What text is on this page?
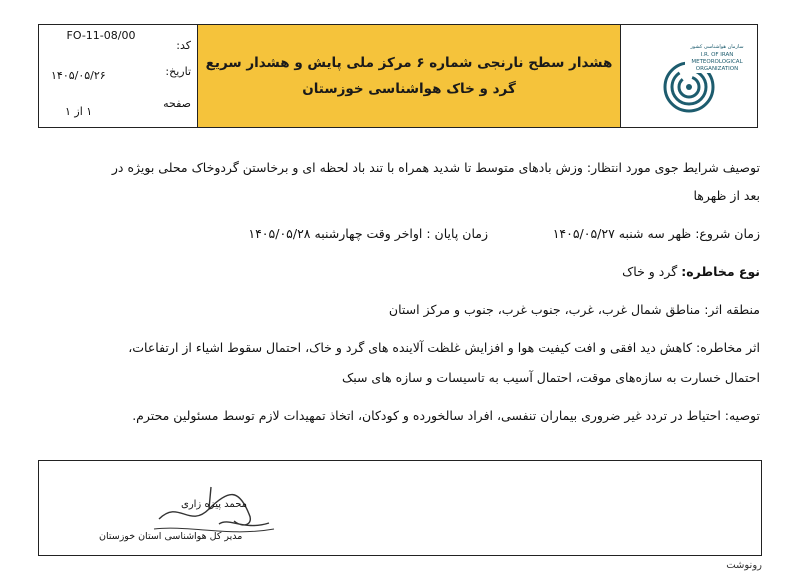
کد:
FO-11-08/00
تاریخ:
۱۴۰۵/۰۵/۲۶
صفحه
۱ از ۱
هشدار سطح نارنجی شماره ۶ مرکز ملی پایش و هشدار سریع
گرد و خاک هواشناسی خوزستان
سازمان هواشناسی کشور
I.R. OF IRAN
METEOROLOGICAL
ORGANIZATION
توصیف شرایط جوی مورد انتظار: وزش بادهای متوسط تا شدید همراه با تند باد لحظه ای و برخاستن گردوخاک محلی بویژه در
بعد از ظهرها
زمان شروع: ظهر سه شنبه ۱۴۰۵/۰۵/۲۷
زمان پایان : اواخر وقت چهارشنبه ۱۴۰۵/۰۵/۲۸
نوع مخاطره: گرد و خاک
منطقه اثر: مناطق شمال غرب، غرب، جنوب غرب، جنوب و مرکز استان
اثر مخاطره: کاهش دید افقی و افت کیفیت هوا و افزایش غلظت آلاینده های گرد و خاک، احتمال سقوط اشیاء از ارتفاعات،
احتمال خسارت به سازه‌های موقت، احتمال آسیب به تاسیسات و سازه های سبک
توصیه: احتیاط در تردد غیر ضروری بیماران تنفسی، افراد سالخورده و کودکان، اتخاذ تمهیدات لازم توسط مسئولین محترم.
محمد پیزه زاری
مدیر کل هواشناسی استان خوزستان
رونوشت
